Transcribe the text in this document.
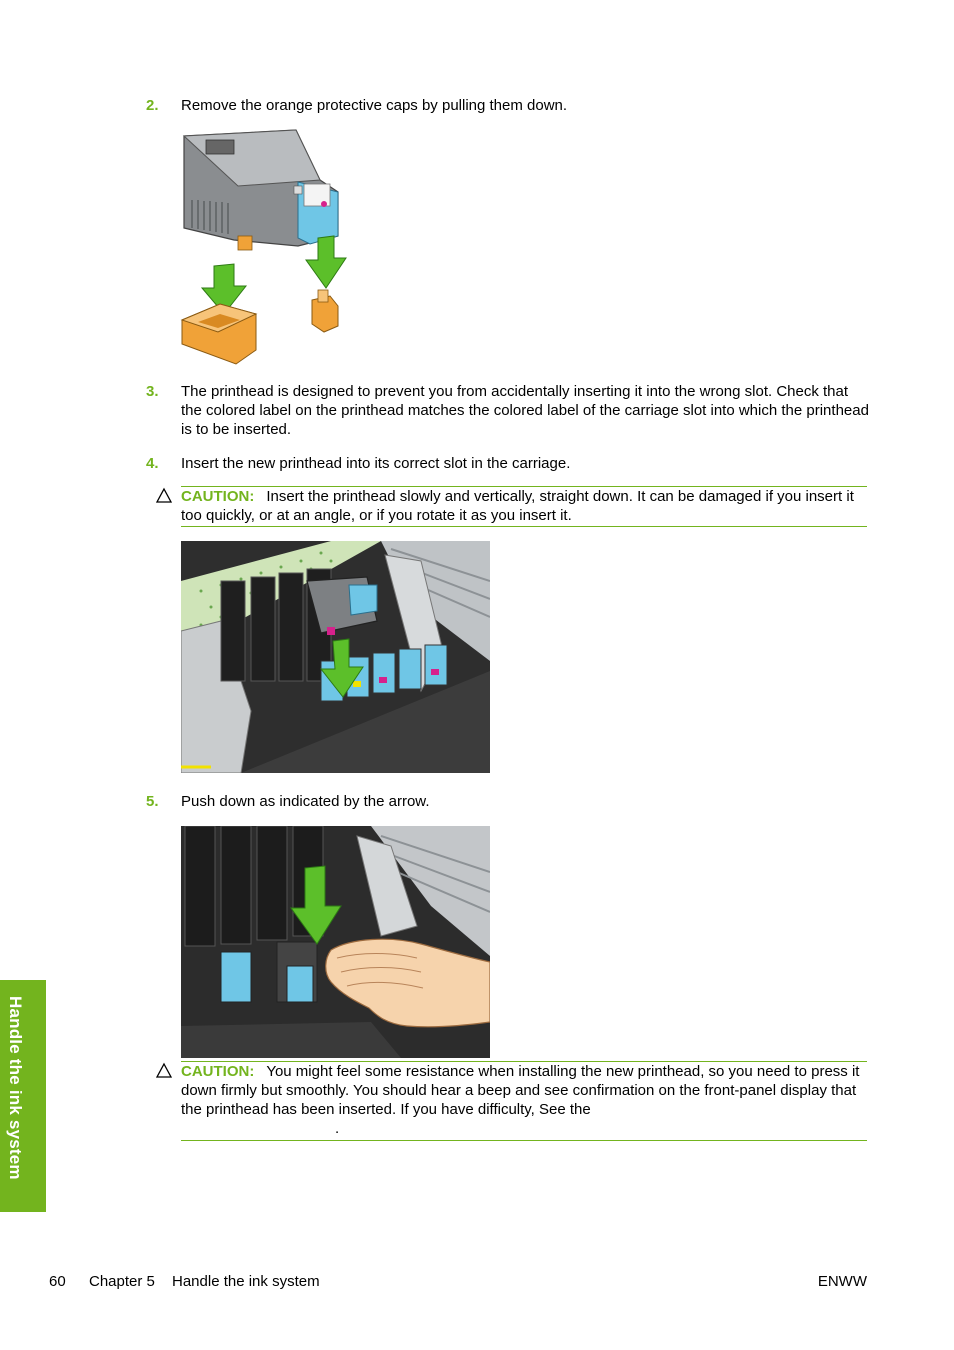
2. Remove the orange protective caps by pulling them down.
3. The printhead is designed to prevent you from accidentally inserting it into the wrong slot. Check that the colored label on the printhead matches the colored label of the carriage slot into which the printhead is to be inserted.
4. Insert the new printhead into its correct slot in the carriage.
CAUTION: Insert the printhead slowly and vertically, straight down. It can be damaged if you insert it too quickly, or at an angle, or if you rotate it as you insert it.
5. Push down as indicated by the arrow.
CAUTION: You might feel some resistance when installing the new printhead, so you need to press it down firmly but smoothly. You should hear a beep and see confirmation on the front-panel display that the printhead has been inserted. If you have difficulty, See the
.
Handle the ink system
60 Chapter 5 Handle the ink system	ENWW
